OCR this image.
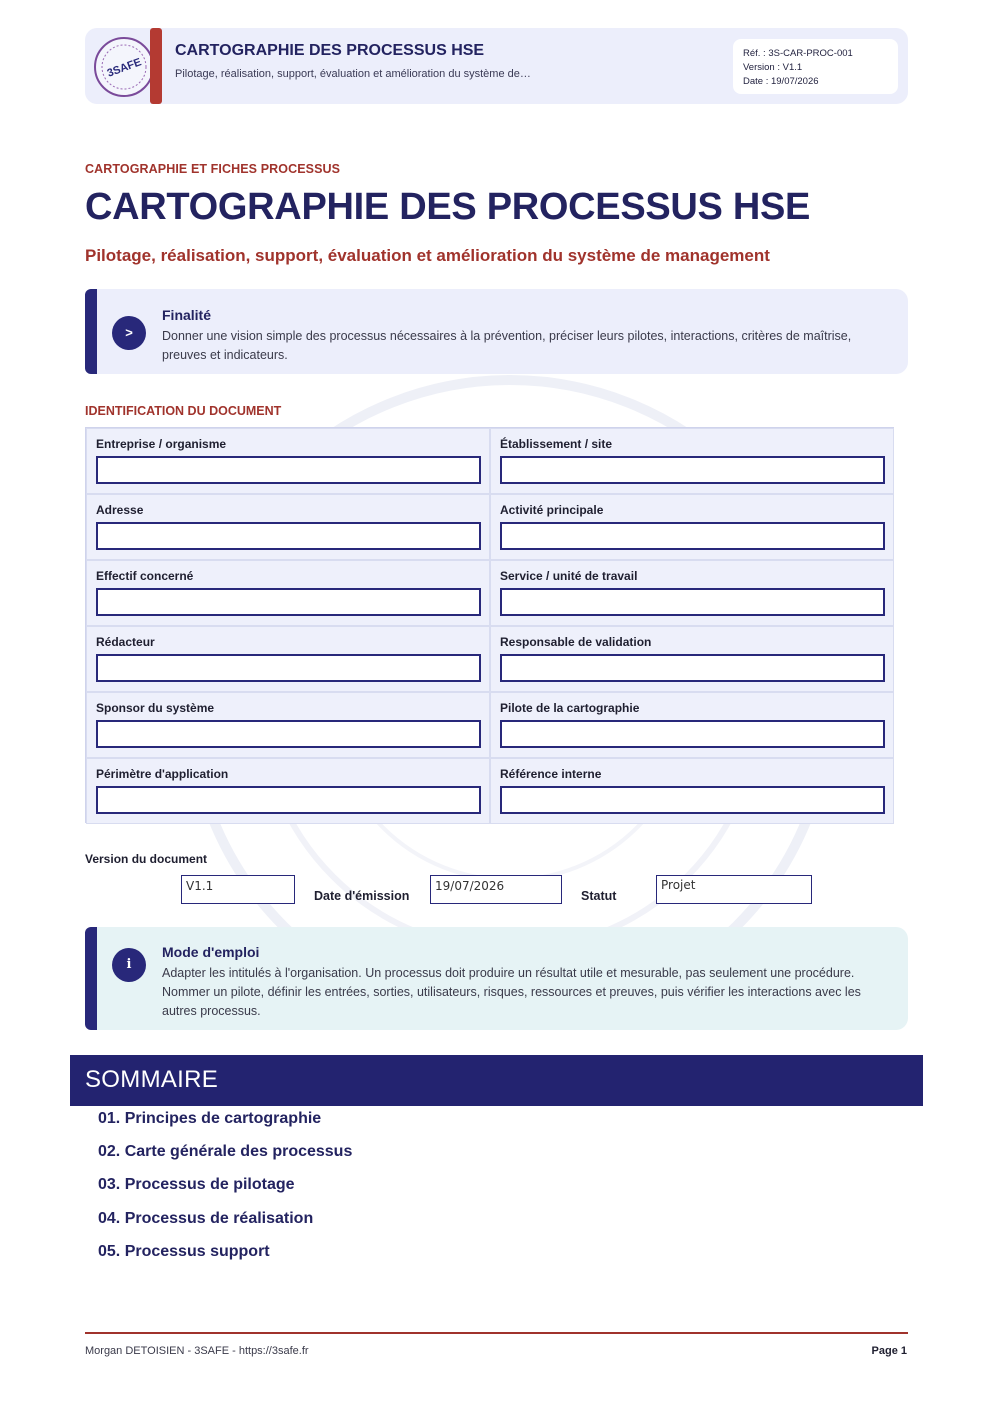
3SAFE
CARTOGRAPHIE DES PROCESSUS HSE
Pilotage, réalisation, support, évaluation et amélioration du système de…
Réf. : 3S-CAR-PROC-001
Version : V1.1
Date : 19/07/2026
CARTOGRAPHIE ET FICHES PROCESSUS
CARTOGRAPHIE DES PROCESSUS HSE
Pilotage, réalisation, support, évaluation et amélioration du système de management
>
Finalité
Donner une vision simple des processus nécessaires à la prévention, préciser leurs pilotes, interactions, critères de maîtrise, preuves et indicateurs.
IDENTIFICATION DU DOCUMENT
Entreprise / organisme	Établissement / site
Adresse	Activité principale
Effectif concerné	Service / unité de travail
Rédacteur	Responsable de validation
Sponsor du système	Pilote de la cartographie
Périmètre d'application	Référence interne
Version du document
V1.1
Date d'émission
19/07/2026
Statut
Projet
i
Mode d'emploi
Adapter les intitulés à l'organisation. Un processus doit produire un résultat utile et mesurable, pas seulement une procédure. Nommer un pilote, définir les entrées, sorties, utilisateurs, risques, ressources et preuves, puis vérifier les interactions avec les autres processus.
SOMMAIRE
01. Principes de cartographie
02. Carte générale des processus
03. Processus de pilotage
04. Processus de réalisation
05. Processus support
Morgan DETOISIEN - 3SAFE - https://3safe.fr	Page 1
